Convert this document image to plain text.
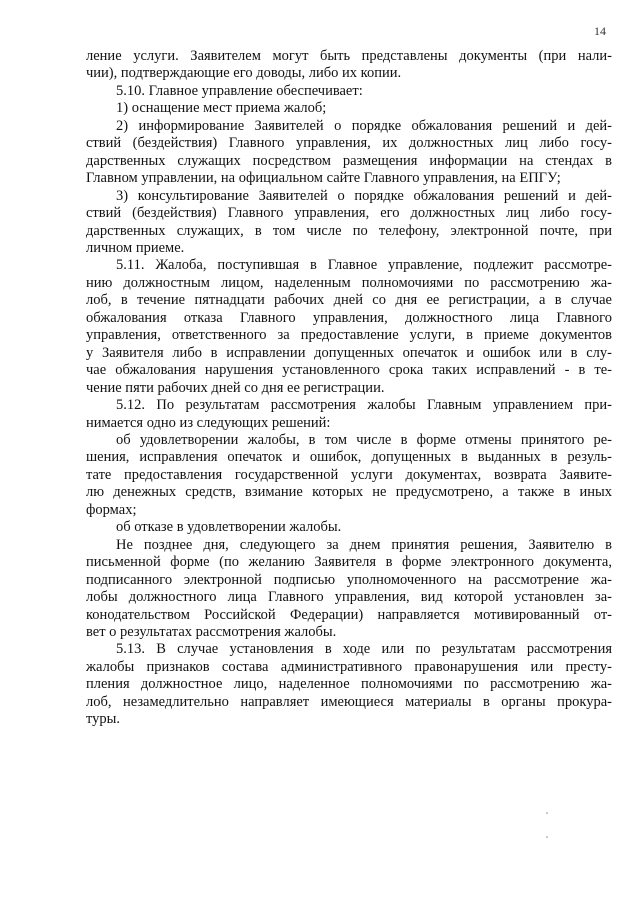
14
ление услуги. Заявителем могут быть представлены документы (при нали-
чии), подтверждающие его доводы, либо их копии.
5.10. Главное управление обеспечивает:
1) оснащение мест приема жалоб;
2) информирование Заявителей о порядке обжалования решений и дей-
ствий (бездействия) Главного управления, их должностных лиц либо госу-
дарственных служащих посредством размещения информации на стендах в
Главном управлении, на официальном сайте Главного управления, на ЕПГУ;
3) консультирование Заявителей о порядке обжалования решений и дей-
ствий (бездействия) Главного управления, его должностных лиц либо госу-
дарственных служащих, в том числе по телефону, электронной почте, при
личном приеме.
5.11. Жалоба, поступившая в Главное управление, подлежит рассмотре-
нию должностным лицом, наделенным полномочиями по рассмотрению жа-
лоб, в течение пятнадцати рабочих дней со дня ее регистрации, а в случае
обжалования отказа Главного управления, должностного лица Главного
управления, ответственного за предоставление услуги, в приеме документов
у Заявителя либо в исправлении допущенных опечаток и ошибок или в слу-
чае обжалования нарушения установленного срока таких исправлений - в те-
чение пяти рабочих дней со дня ее регистрации.
5.12. По результатам рассмотрения жалобы Главным управлением при-
нимается одно из следующих решений:
об удовлетворении жалобы, в том числе в форме отмены принятого ре-
шения, исправления опечаток и ошибок, допущенных в выданных в резуль-
тате предоставления государственной услуги документах, возврата Заявите-
лю денежных средств, взимание которых не предусмотрено, а также в иных
формах;
об отказе в удовлетворении жалобы.
Не позднее дня, следующего за днем принятия решения, Заявителю в
письменной форме (по желанию Заявителя в форме электронного документа,
подписанного электронной подписью уполномоченного на рассмотрение жа-
лобы должностного лица Главного управления, вид которой установлен за-
конодательством Российской Федерации) направляется мотивированный от-
вет о результатах рассмотрения жалобы.
5.13. В случае установления в ходе или по результатам рассмотрения
жалобы признаков состава административного правонарушения или престу-
пления должностное лицо, наделенное полномочиями по рассмотрению жа-
лоб, незамедлительно направляет имеющиеся материалы в органы прокура-
туры.
